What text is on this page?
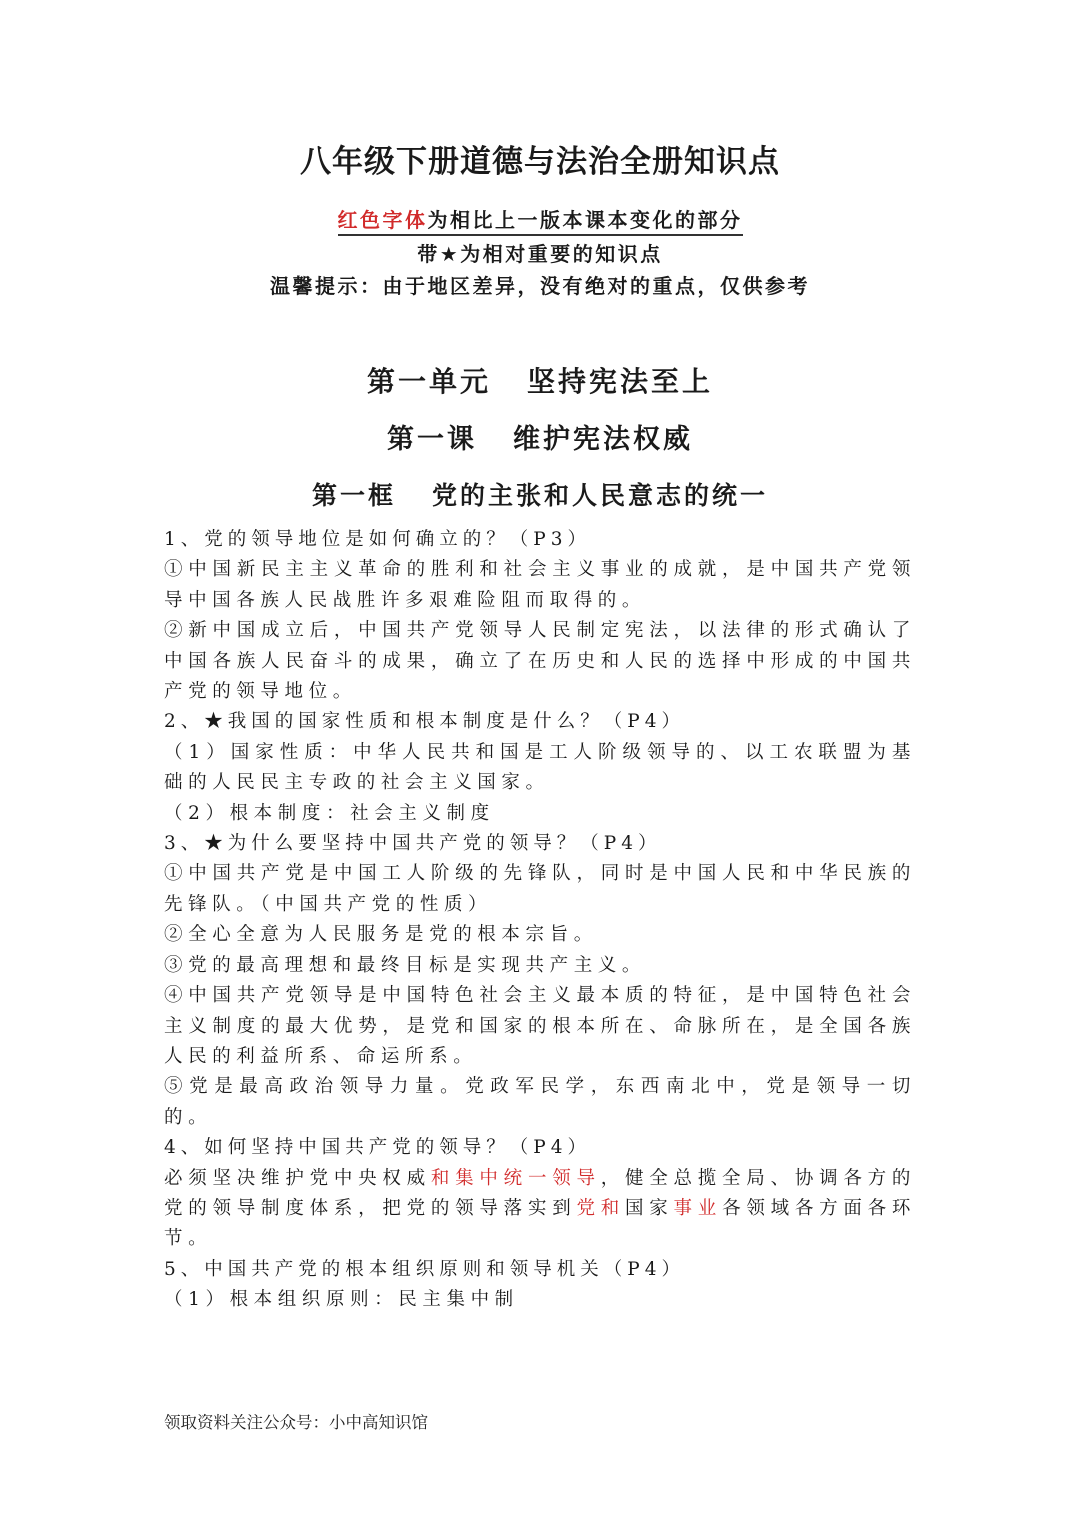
八年级下册道德与法治全册知识点
红色字体为相比上一版本课本变化的部分
带★为相对重要的知识点
温馨提示：由于地区差异，没有绝对的重点，仅供参考
第一单元 坚持宪法至上
第一课 维护宪法权威
第一框 党的主张和人民意志的统一

1、党的领导地位是如何确立的？（P3）

①中国新民主主义革命的胜利和社会主义事业的成就，是中国共产党领导中国各族人民战胜许多艰难险阻而取得的。

②新中国成立后，中国共产党领导人民制定宪法，以法律的形式确认了中国各族人民奋斗的成果，确立了在历史和人民的选择中形成的中国共产党的领导地位。

2、★我国的国家性质和根本制度是什么？（P4）

（1）国家性质：中华人民共和国是工人阶级领导的、以工农联盟为基础的人民民主专政的社会主义国家。

（2）根本制度：社会主义制度

3、★为什么要坚持中国共产党的领导？（P4）

①中国共产党是中国工人阶级的先锋队，同时是中国人民和中华民族的先锋队。（中国共产党的性质）

②全心全意为人民服务是党的根本宗旨。

③党的最高理想和最终目标是实现共产主义。

④中国共产党领导是中国特色社会主义最本质的特征，是中国特色社会主义制度的最大优势，是党和国家的根本所在、命脉所在，是全国各族人民的利益所系、命运所系。

⑤党是最高政治领导力量。党政军民学，东西南北中，党是领导一切的。

4、如何坚持中国共产党的领导？（P4）

必须坚决维护党中央权威和集中统一领导，健全总揽全局、协调各方的党的领导制度体系，把党的领导落实到党和国家事业各领域各方面各环节。

5、中国共产党的根本组织原则和领导机关（P4）

（1）根本组织原则：民主集中制

领取资料关注公众号：小中高知识馆
